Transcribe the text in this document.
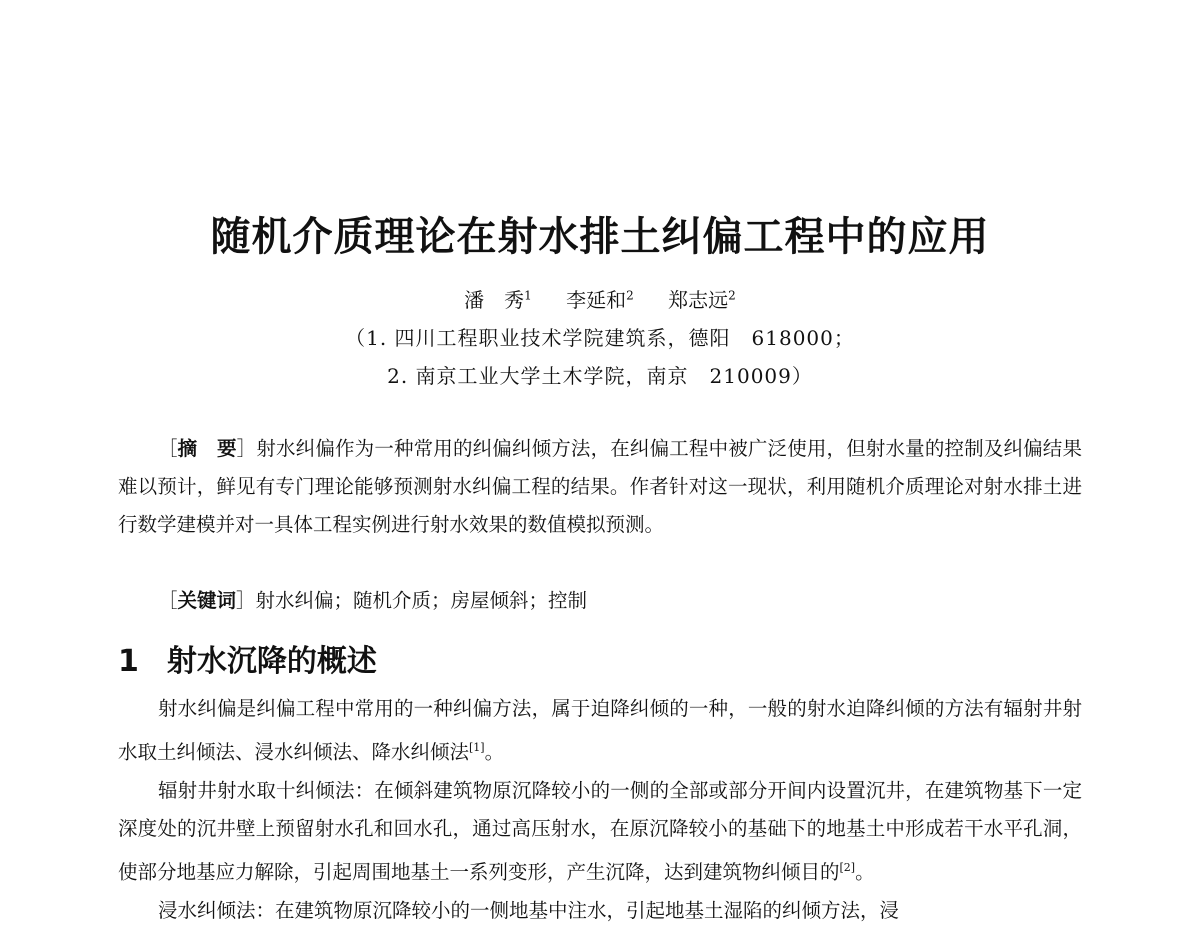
随机介质理论在射水排土纠偏工程中的应用
潘　秀$^1$ 李延和$^2$ 郑志远$^2$
（1. 四川工程职业技术学院建筑系，德阳　618000；
2. 南京工业大学土木学院，南京　210009）

［摘　要］射水纠偏作为一种常用的纠偏纠倾方法，在纠偏工程中被广泛使用，但射水量的控制及纠偏结果难以预计，鲜见有专门理论能够预测射水纠偏工程的结果。作者针对这一现状，利用随机介质理论对射水排土进行数学建模并对一具体工程实例进行射水效果的数值模拟预测。

［关键词］射水纠偏；随机介质；房屋倾斜；控制

1 射水沉降的概述

射水纠偏是纠偏工程中常用的一种纠偏方法，属于迫降纠倾的一种，一般的射水迫降纠倾的方法有辐射井射水取土纠倾法、浸水纠倾法、降水纠倾法[1]。

辐射井射水取十纠倾法：在倾斜建筑物原沉降较小的一侧的全部或部分开间内设置沉井，在建筑物基下一定深度处的沉井壁上预留射水孔和回水孔，通过高压射水，在原沉降较小的基础下的地基土中形成若干水平孔洞，使部分地基应力解除，引起周围地基土一系列变形，产生沉降，达到建筑物纠倾目的[2]。

浸水纠倾法：在建筑物原沉降较小的一侧地基中注水，引起地基土湿陷的纠倾方法，浸
